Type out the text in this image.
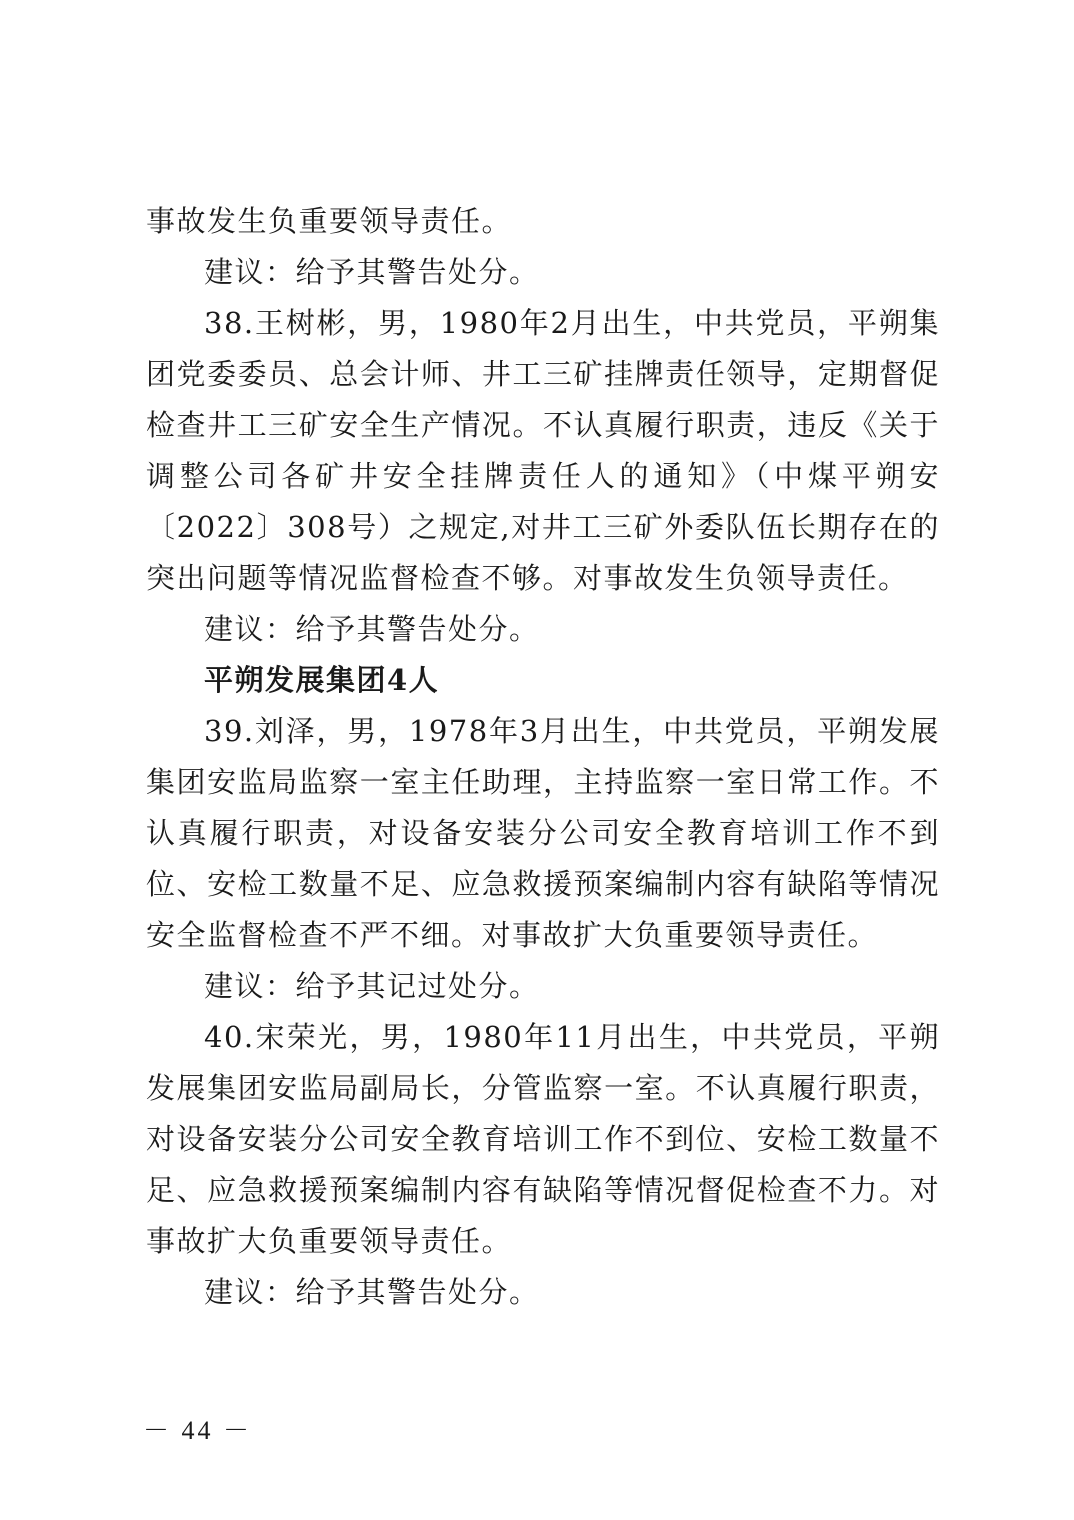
事故发生负重要领导责任。

建议：给予其警告处分。

38.王树彬，男，1980年2月出生，中共党员，平朔集团党委委员、总会计师、井工三矿挂牌责任领导，定期督促检查井工三矿安全生产情况。不认真履行职责，违反《关于调整公司各矿井安全挂牌责任人的通知》（中煤平朔安〔2022〕308号）之规定,对井工三矿外委队伍长期存在的突出问题等情况监督检查不够。对事故发生负领导责任。

建议：给予其警告处分。

平朔发展集团4人

39.刘泽，男，1978年3月出生，中共党员，平朔发展集团安监局监察一室主任助理，主持监察一室日常工作。不认真履行职责，对设备安装分公司安全教育培训工作不到位、安检工数量不足、应急救援预案编制内容有缺陷等情况安全监督检查不严不细。对事故扩大负重要领导责任。

建议：给予其记过处分。

40.宋荣光，男，1980年11月出生，中共党员，平朔发展集团安监局副局长，分管监察一室。不认真履行职责，对设备安装分公司安全教育培训工作不到位、安检工数量不足、应急救援预案编制内容有缺陷等情况督促检查不力。对事故扩大负重要领导责任。

建议：给予其警告处分。

－ 44 －
